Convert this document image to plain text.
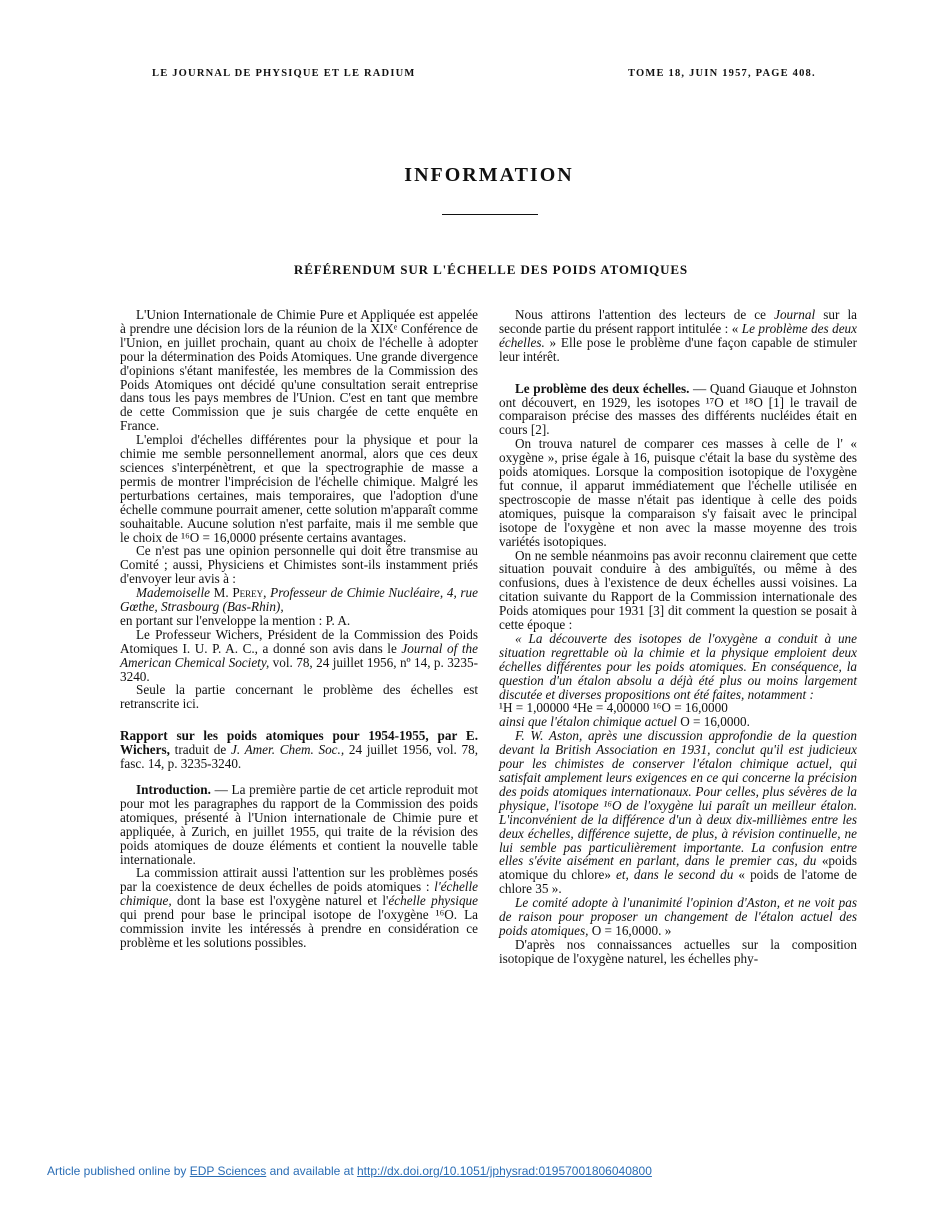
LE JOURNAL DE PHYSIQUE ET LE RADIUM	TOME 18, JUIN 1957, PAGE 408.
INFORMATION
RÉFÉRENDUM SUR L'ÉCHELLE DES POIDS ATOMIQUES

L'Union Internationale de Chimie Pure et Appliquée est appelée à prendre une décision lors de la réunion de la XIXᵉ Conférence de l'Union, en juillet prochain, quant au choix de l'échelle à adopter pour la détermination des Poids Atomiques. Une grande divergence d'opinions s'étant manifestée, les membres de la Commission des Poids Atomiques ont décidé qu'une consultation serait entreprise dans tous les pays membres de l'Union. C'est en tant que membre de cette Commission que je suis chargée de cette enquête en France.

L'emploi d'échelles différentes pour la physique et pour la chimie me semble personnellement anormal, alors que ces deux sciences s'interpénètrent, et que la spectrographie de masse a permis de montrer l'imprécision de l'échelle chimique. Malgré les perturbations certaines, mais temporaires, que l'adoption d'une échelle commune pourrait amener, cette solution m'apparaît comme souhaitable. Aucune solution n'est parfaite, mais il me semble que le choix de ¹⁶O = 16,0000 présente certains avantages.

Ce n'est pas une opinion personnelle qui doit être transmise au Comité ; aussi, Physiciens et Chimistes sont-ils instamment priés d'envoyer leur avis à :

Mademoiselle M. Perey, Professeur de Chimie Nucléaire, 4, rue Gœthe, Strasbourg (Bas-Rhin),

en portant sur l'enveloppe la mention : P. A.

Le Professeur Wichers, Président de la Commission des Poids Atomiques I. U. P. A. C., a donné son avis dans le Journal of the American Chemical Society, vol. 78, 24 juillet 1956, nº 14, p. 3235-3240.

Seule la partie concernant le problème des échelles est retranscrite ici.

Rapport sur les poids atomiques pour 1954-1955, par E. Wichers, traduit de J. Amer. Chem. Soc., 24 juillet 1956, vol. 78, fasc. 14, p. 3235-3240.

Introduction. — La première partie de cet article reproduit mot pour mot les paragraphes du rapport de la Commission des poids atomiques, présenté à l'Union internationale de Chimie pure et appliquée, à Zurich, en juillet 1955, qui traite de la révision des poids atomiques de douze éléments et contient la nouvelle table internationale.

La commission attirait aussi l'attention sur les problèmes posés par la coexistence de deux échelles de poids atomiques : l'échelle chimique, dont la base est l'oxygène naturel et l'échelle physique qui prend pour base le principal isotope de l'oxygène ¹⁶O. La commission invite les intéressés à prendre en considération ce problème et les solutions possibles.

Nous attirons l'attention des lecteurs de ce Journal sur la seconde partie du présent rapport intitulée : « Le problème des deux échelles. » Elle pose le problème d'une façon capable de stimuler leur intérêt.

Le problème des deux échelles. — Quand Giauque et Johnston ont découvert, en 1929, les isotopes ¹⁷O et ¹⁸O [1] le travail de comparaison précise des masses des différents nucléides était en cours [2].

On trouva naturel de comparer ces masses à celle de l' « oxygène », prise égale à 16, puisque c'était la base du système des poids atomiques. Lorsque la composition isotopique de l'oxygène fut connue, il apparut immédiatement que l'échelle utilisée en spectroscopie de masse n'était pas identique à celle des poids atomiques, puisque la comparaison s'y faisait avec le principal isotope de l'oxygène et non avec la masse moyenne des trois variétés isotopiques.

On ne semble néanmoins pas avoir reconnu clairement que cette situation pouvait conduire à des ambiguïtés, ou même à des confusions, dues à l'existence de deux échelles aussi voisines. La citation suivante du Rapport de la Commission internationale des Poids atomiques pour 1931 [3] dit comment la question se posait à cette époque :

« La découverte des isotopes de l'oxygène a conduit à une situation regrettable où la chimie et la physique emploient deux échelles différentes pour les poids atomiques. En conséquence, la question d'un étalon absolu a déjà été plus ou moins largement discutée et diverses propositions ont été faites, notamment :

¹H = 1,00000 ⁴He = 4,00000 ¹⁶O = 16,0000

ainsi que l'étalon chimique actuel O = 16,0000.

F. W. Aston, après une discussion approfondie de la question devant la British Association en 1931, conclut qu'il est judicieux pour les chimistes de conserver l'étalon chimique actuel, qui satisfait amplement leurs exigences en ce qui concerne la précision des poids atomiques internationaux. Pour celles, plus sévères de la physique, l'isotope ¹⁶O de l'oxygène lui paraît un meilleur étalon. L'inconvénient de la différence d'un à deux dix-millièmes entre les deux échelles, différence sujette, de plus, à révision continuelle, ne lui semble pas particulièrement importante. La confusion entre elles s'évite aisément en parlant, dans le premier cas, du «poids atomique du chlore» et, dans le second du « poids de l'atome de chlore 35 ».

Le comité adopte à l'unanimité l'opinion d'Aston, et ne voit pas de raison pour proposer un changement de l'étalon actuel des poids atomiques, O = 16,0000. »

D'après nos connaissances actuelles sur la composition isotopique de l'oxygène naturel, les échelles phy-

Article published online by EDP Sciences and available at http://dx.doi.org/10.1051/jphysrad:01957001806040800
